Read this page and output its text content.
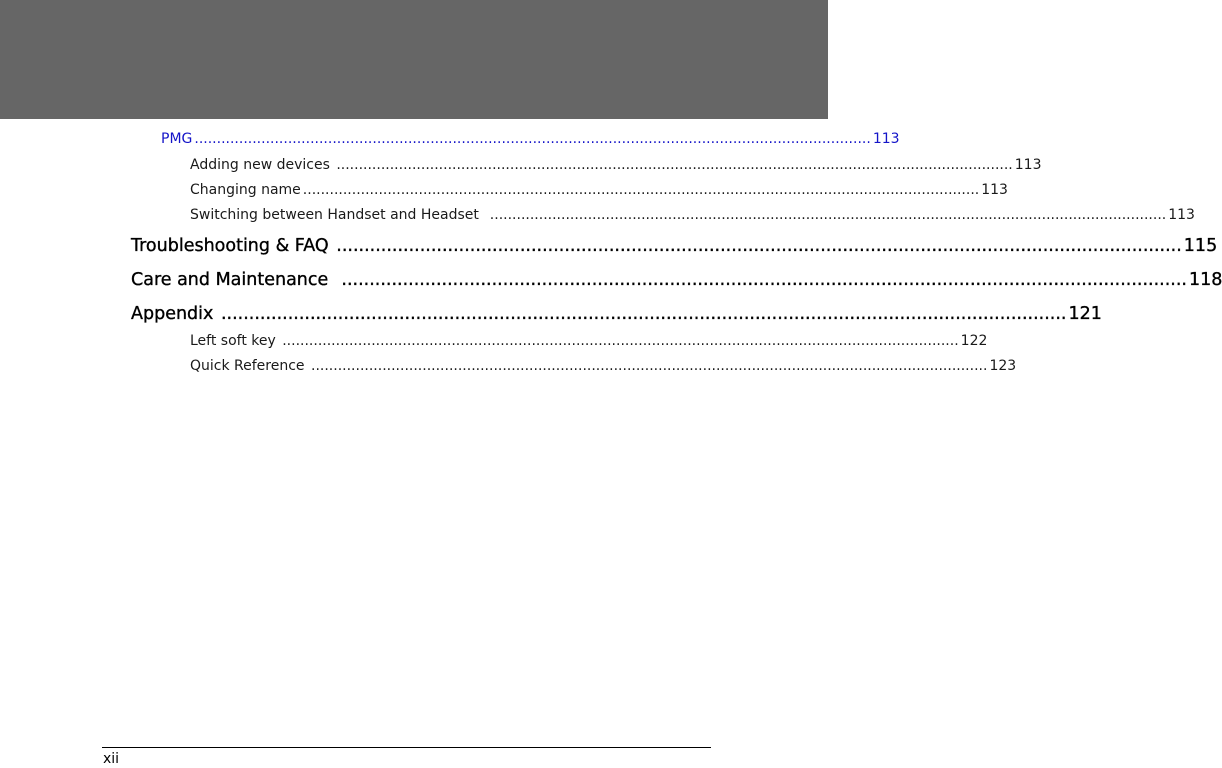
PMG ........................................................................................................................................................ 113
Adding new devices ........................................................................................................................................................ 113
Changing name ........................................................................................................................................................ 113
Switching between Handset and Headset ........................................................................................................................................................ 113
Troubleshooting & FAQ ........................................................................................................................................................ 115
Care and Maintenance ........................................................................................................................................................ 118
Appendix ........................................................................................................................................................ 121
Left soft key ........................................................................................................................................................ 122
Quick Reference ........................................................................................................................................................ 123
xii
